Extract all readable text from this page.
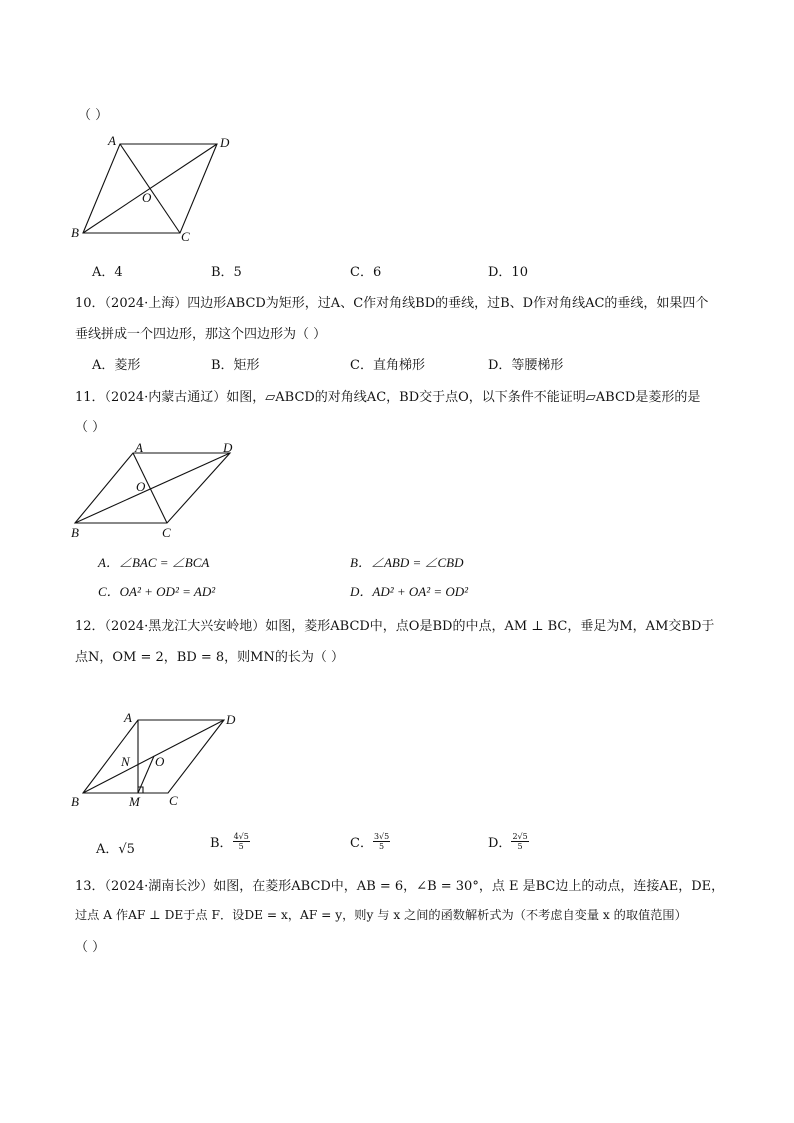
（ ）
A	D
B	C
O
A．4	B．5	C．6	D．10
10．（2024·上海）四边形ABCD为矩形，过A、C作对角线BD的垂线，过B、D作对角线AC的垂线，如果四个
垂线拼成一个四边形，那这个四边形为（ ）
A．菱形	B．矩形	C．直角梯形	D．等腰梯形
11．（2024·内蒙古通辽）如图，▱ABCD的对角线AC，BD交于点O，以下条件不能证明▱ABCD是菱形的是
（ ）
A	D
B	C
O
A．∠BAC = ∠BCA	B．∠ABD = ∠CBD
C．OA² + OD² = AD²	D．AD² + OA² = OD²
12．（2024·黑龙江大兴安岭地）如图，菱形ABCD中，点O是BD的中点，AM ⊥ BC，垂足为M，AM交BD于
点N，OM = 2，BD = 8，则MN的长为（ ）
A	D
B	C
M
N O
A．√5	B． $\frac{4√5}{5}$	C． $\frac{3√5}{5}$	D． $\frac{2√5}{5}$
13．（2024·湖南长沙）如图，在菱形ABCD中，AB = 6，∠B = 30°，点 E 是BC边上的动点，连接AE，DE，
过点 A 作AF ⊥ DE于点 F．设DE = x，AF = y，则y 与 x 之间的函数解析式为（不考虑自变量 x 的取值范围）
（ ）
